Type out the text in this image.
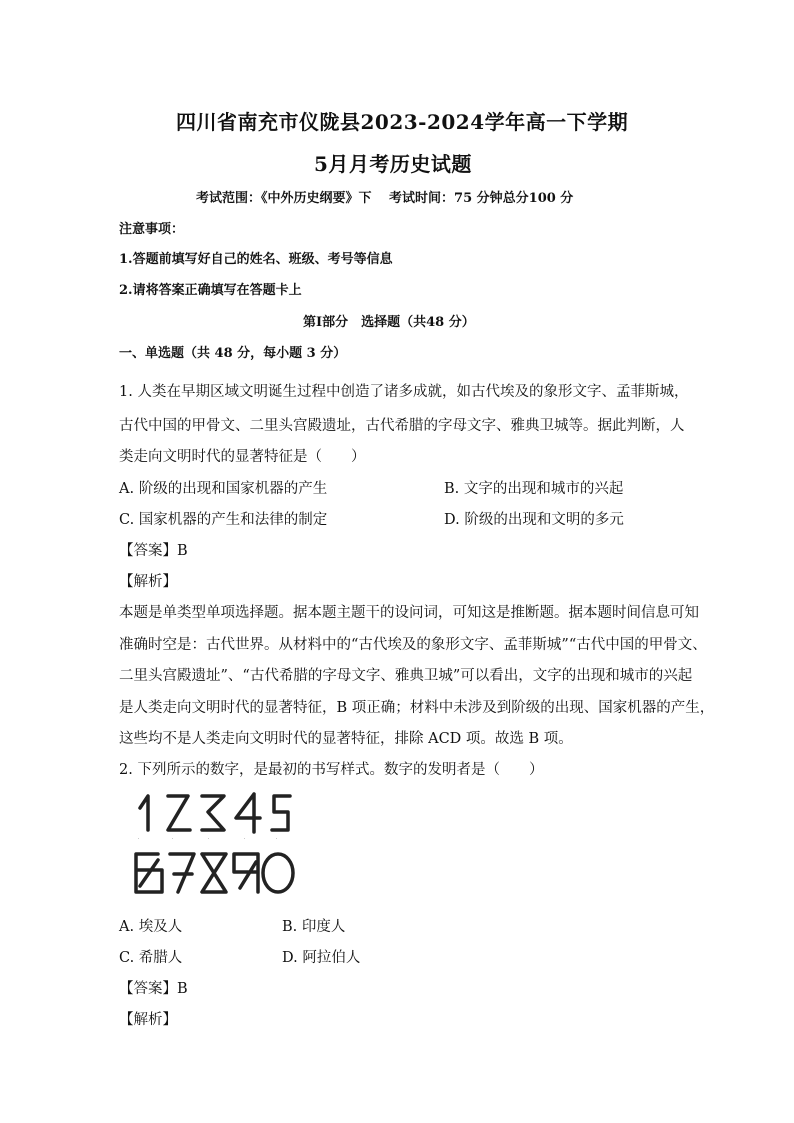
四川省南充市仪陇县2023-2024学年高一下学期
5月月考历史试题
考试范围：《中外历史纲要》下　 考试时间：75 分钟总分100 分
注意事项：
1.答题前填写好自己的姓名、班级、考号等信息
2.请将答案正确填写在答题卡上
第Ⅰ部分　选择题（共48 分）
一、单选题（共 48 分，每小题 3 分）
1. 人类在早期区域文明诞生过程中创造了诸多成就，如古代埃及的象形文字、孟菲斯城，
古代中国的甲骨文、二里头宫殿遗址，古代希腊的字母文字、雅典卫城等。据此判断，人
类走向文明时代的显著特征是（　　）
A. 阶级的出现和国家机器的产生	B. 文字的出现和城市的兴起
C. 国家机器的产生和法律的制定	D. 阶级的出现和文明的多元
【答案】B
【解析】
本题是单类型单项选择题。据本题主题干的设问词，可知这是推断题。据本题时间信息可知
准确时空是：古代世界。从材料中的“古代埃及的象形文字、孟菲斯城”“古代中国的甲骨文、
二里头宫殿遗址”、“古代希腊的字母文字、雅典卫城”可以看出，文字的出现和城市的兴起
是人类走向文明时代的显著特征，B 项正确；材料中未涉及到阶级的出现、国家机器的产生，
这些均不是人类走向文明时代的显著特征，排除 ACD 项。故选 B 项。
2. 下列所示的数字，是最初的书写样式。数字的发明者是（　　）
·	·	·	·	·
A. 埃及人	B. 印度人
C. 希腊人	D. 阿拉伯人
【答案】B
【解析】
